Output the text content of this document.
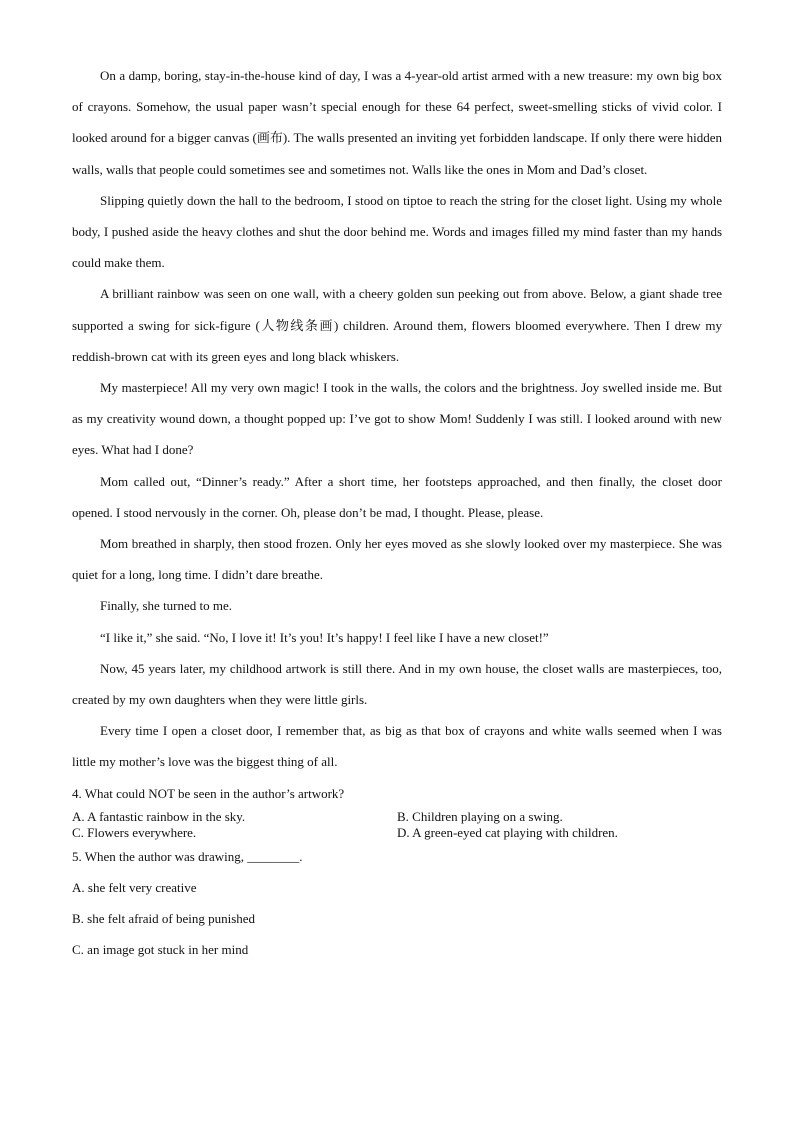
On a damp, boring, stay-in-the-house kind of day, I was a 4-year-old artist armed with a new treasure: my own big box of crayons. Somehow, the usual paper wasn’t special enough for these 64 perfect, sweet-smelling sticks of vivid color. I looked around for a bigger canvas (画布). The walls presented an inviting yet forbidden landscape. If only there were hidden walls, walls that people could sometimes see and sometimes not. Walls like the ones in Mom and Dad’s closet.

Slipping quietly down the hall to the bedroom, I stood on tiptoe to reach the string for the closet light. Using my whole body, I pushed aside the heavy clothes and shut the door behind me. Words and images filled my mind faster than my hands could make them.

A brilliant rainbow was seen on one wall, with a cheery golden sun peeking out from above. Below, a giant shade tree supported a swing for sick-figure (人物线条画) children. Around them, flowers bloomed everywhere. Then I drew my reddish-brown cat with its green eyes and long black whiskers.

My masterpiece! All my very own magic! I took in the walls, the colors and the brightness. Joy swelled inside me. But as my creativity wound down, a thought popped up: I’ve got to show Mom! Suddenly I was still. I looked around with new eyes. What had I done?

Mom called out, “Dinner’s ready.” After a short time, her footsteps approached, and then finally, the closet door opened. I stood nervously in the corner. Oh, please don’t be mad, I thought. Please, please.

Mom breathed in sharply, then stood frozen. Only her eyes moved as she slowly looked over my masterpiece. She was quiet for a long, long time. I didn’t dare breathe.

Finally, she turned to me.

“I like it,” she said. “No, I love it! It’s you! It’s happy! I feel like I have a new closet!”

Now, 45 years later, my childhood artwork is still there. And in my own house, the closet walls are masterpieces, too, created by my own daughters when they were little girls.

Every time I open a closet door, I remember that, as big as that box of crayons and white walls seemed when I was little my mother’s love was the biggest thing of all.

4. What could NOT be seen in the author’s artwork?

A. A fantastic rainbow in the sky.	B. Children playing on a swing.
C. Flowers everywhere.	D. A green-eyed cat playing with children.

5. When the author was drawing, ________.

A. she felt very creative

B. she felt afraid of being punished

C. an image got stuck in her mind
